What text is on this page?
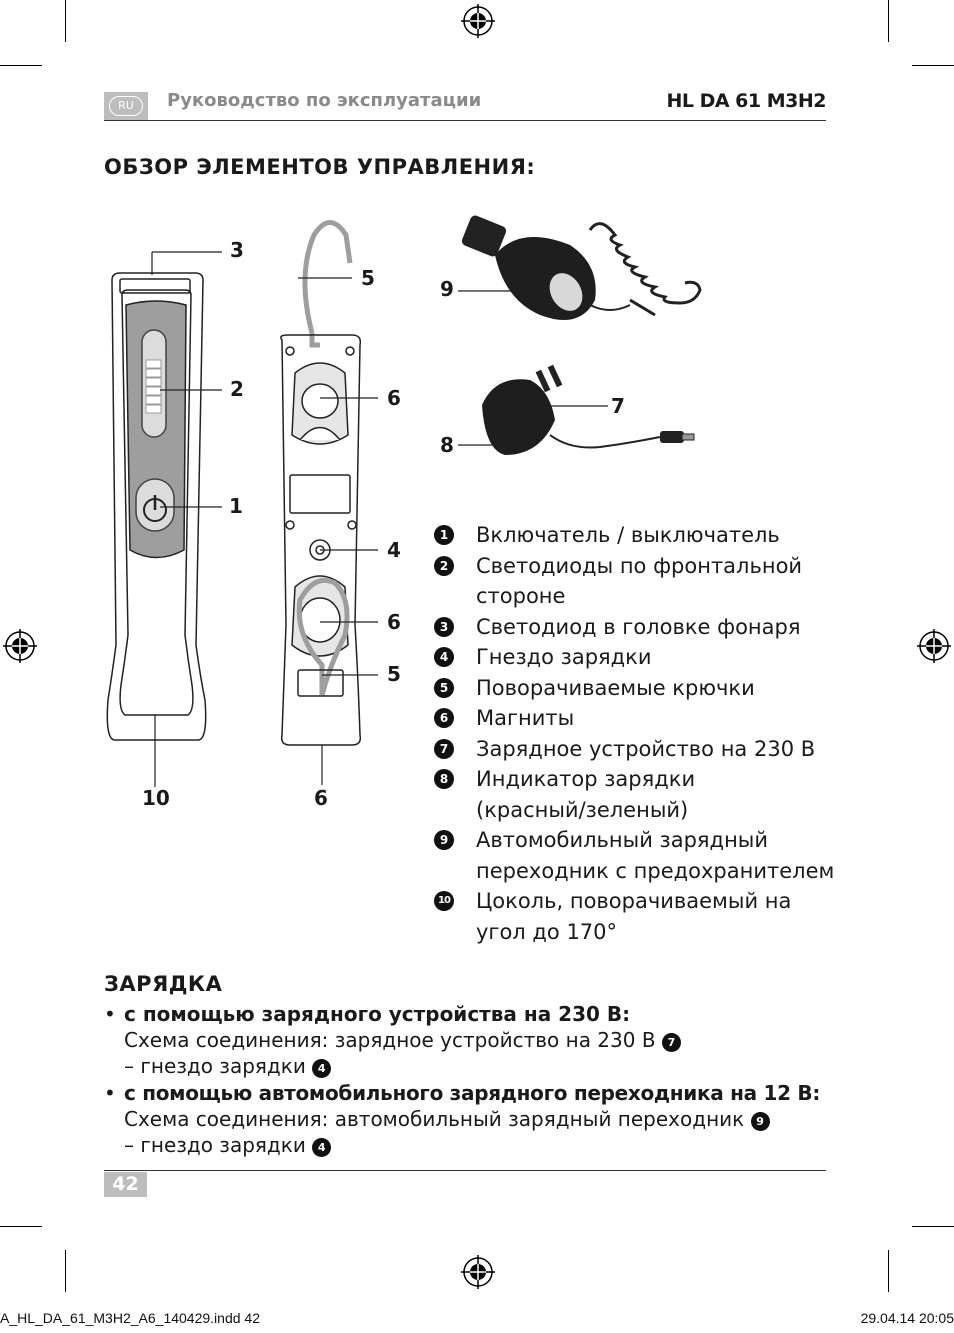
RU	Руководство по эксплуатации	HL DA 61 M3H2
ОБЗОР ЭЛЕМЕНТОВ УПРАВЛЕНИЯ:
3
2
1
10
5
6
4
6
5
6
9
7
8
1 Включатель / выключатель
2 Светодиоды по фронтальной
стороне
3 Светодиод в головке фонаря
4 Гнездо зарядки
5 Поворачиваемые крючки
6 Магниты
7 Зарядное устройство на 230 В
8 Индикатор зарядки
(красный/зеленый)
9 Автомобильный зарядный
переходник с предохранителем
10 Цоколь, поворачиваемый на
угол до 170°
ЗАРЯДКА
• с помощью зарядного устройства на 230 В:
Схема соединения: зарядное устройство на 230 В 7
– гнездо зарядки 4
• с помощью автомобильного зарядного переходника на 12 В:
Схема соединения: автомобильный зарядный переходник 9
– гнездо зарядки 4
42
A_HL_DA_61_M3H2_A6_140429.indd 42	29.04.14 20:05
